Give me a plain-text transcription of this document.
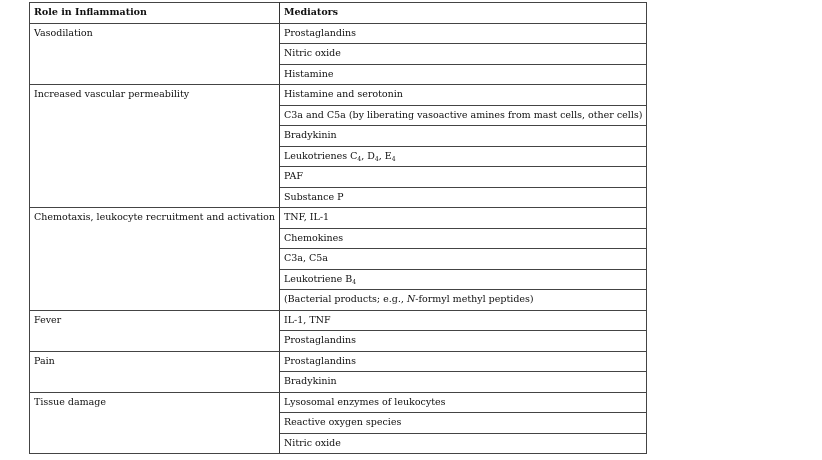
Role in Inflammation	Mediators
Vasodilation	Prostaglandins
	Nitric oxide
	Histamine
Increased vascular permeability	Histamine and serotonin
	C3a and C5a (by liberating vasoactive amines from mast cells, other cells)
	Bradykinin
	Leukotrienes $C_4$, $D_4$, $E_4$
	PAF
	Substance P
Chemotaxis, leukocyte recruitment and activation	TNF, IL-1
	Chemokines
	C3a, C5a
	Leukotriene $B_4$
	(Bacterial products; e.g., N-formyl methyl peptides)
Fever	IL-1, TNF
	Prostaglandins
Pain	Prostaglandins
	Bradykinin
Tissue damage	Lysosomal enzymes of leukocytes
	Reactive oxygen species
	Nitric oxide
